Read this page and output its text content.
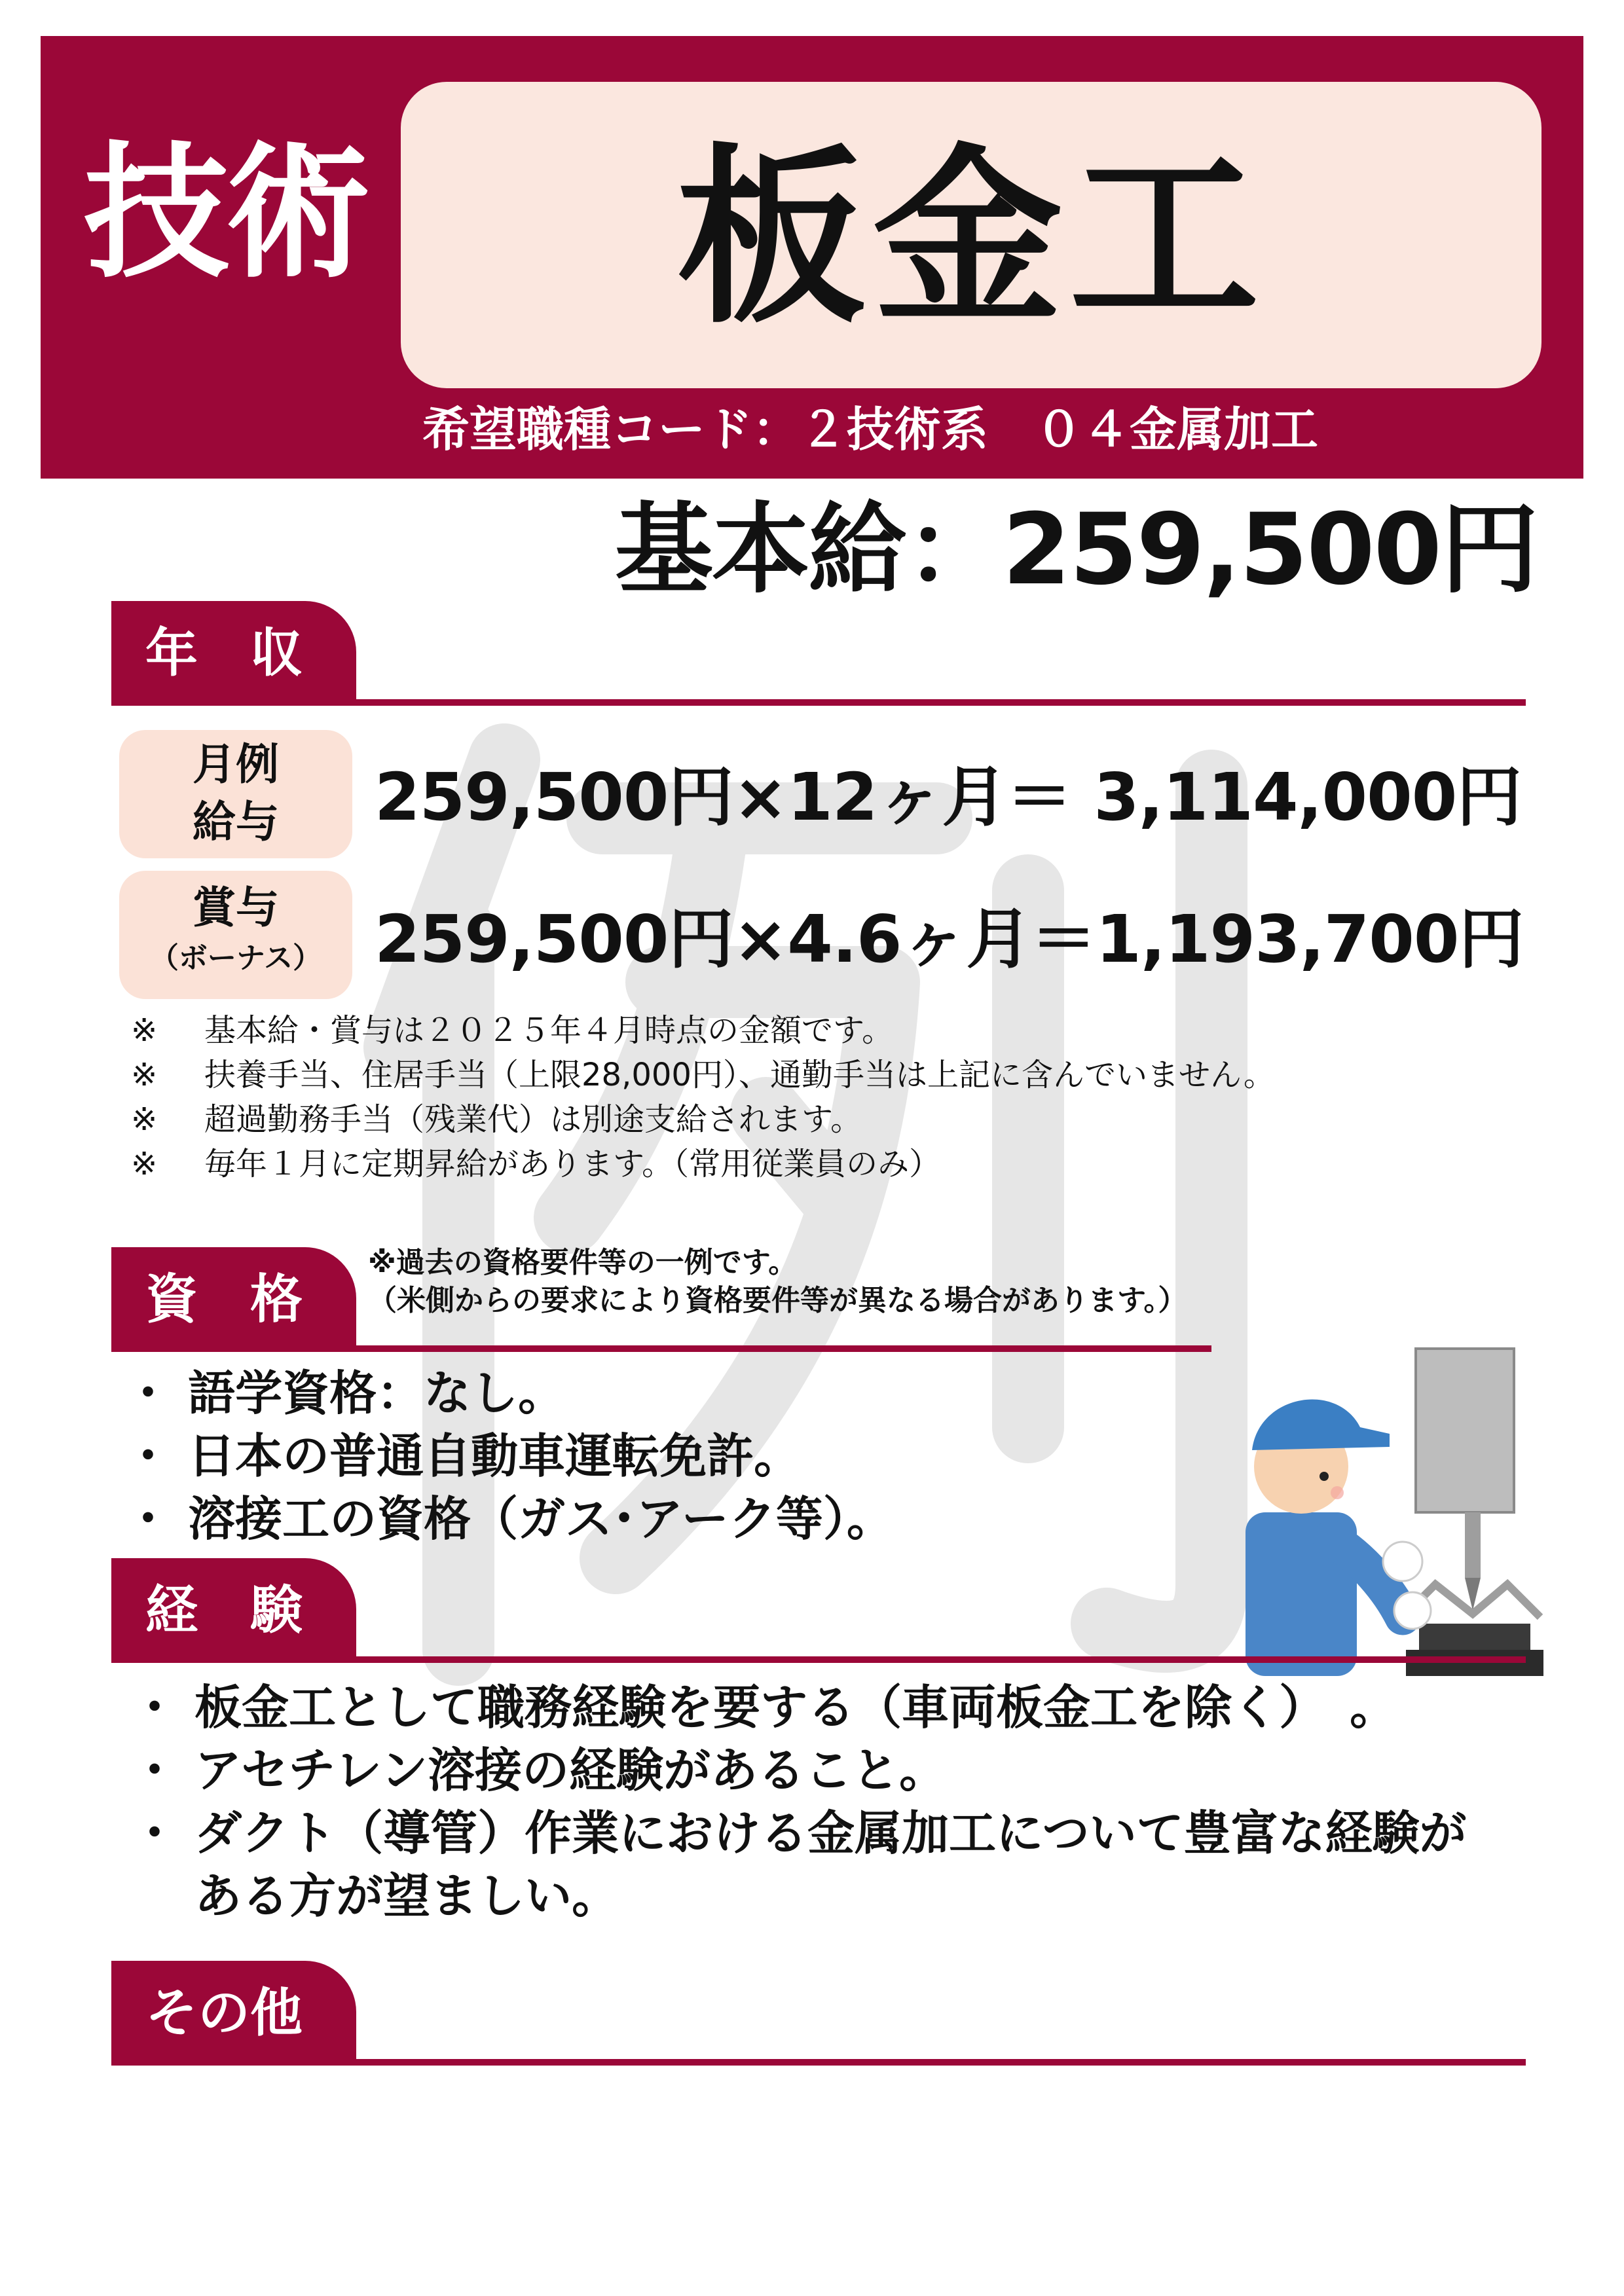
技術	板金工
希望職種コード：２技術系　０４金属加工
基本給：259,500円
年　収
月例
給与	259,500円×12ヶ月＝ 3,114,000円
賞与
（ボーナス） 259,500円×4.6ヶ月＝1,193,700円
※ 基本給・賞与は２０２５年４月時点の金額です。
※ 扶養手当、住居手当（上限28,000円）、通勤手当は上記に含んでいません。
※ 超過勤務手当（残業代）は別途支給されます。
※ 毎年１月に定期昇給があります。（常用従業員のみ）
資　格
※過去の資格要件等の一例です。
（米側からの要求により資格要件等が異なる場合があります。）
・ 語学資格：なし。
・ 日本の普通自動車運転免許。
・ 溶接工の資格（ガス･アーク等）。
経　験
・ 板金工として職務経験を要する（車両板金工を除く）　。
・ アセチレン溶接の経験があること。
・ ダクト（導管）作業における金属加工について豊富な経験が
　 ある方が望ましい。
その他
